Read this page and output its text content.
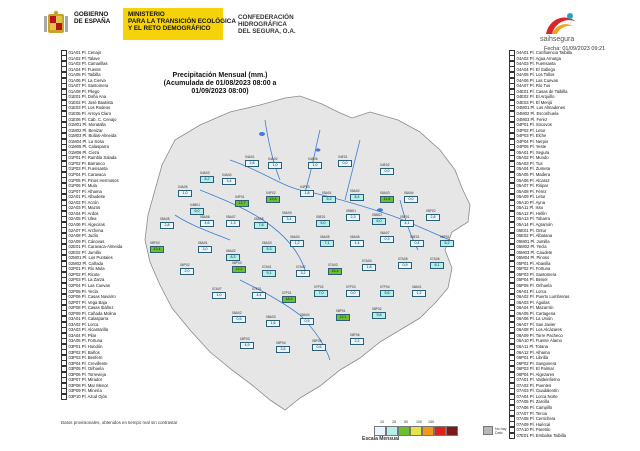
GOBIERNO
DE ESPAÑA
MINISTERIO
PARA LA TRANSICIÓN ECOLÓGICA
Y EL RETO DEMOGRÁFICO
CONFEDERACIÓN
HIDROGRÁFICA
DEL SEGURA, O.A.
saihsegura
Fecha: 01/09/2023 09:21
Precipitación Mensual (mm.)
(Acumulada de 01/08/2023 08:00 a
01/09/2023 08:00)
01A01 Pl. Cenajo
01A02 Pl. Talave
01A03 Pl. Camarillas
01A04 Pl. Fuente
01A05 Pl. Taibilla
01A06 Pl. La Cierva
01A07 Pl. Santomera
01A08 Pl. Pliego
01E01 Pl. Doña Ana
01E02 Pl. José Bautista
01E03 Pl. Los Rodeos
01E05 Pl. Arroyo Claro
01E06 Pl. Cab. C. Cenajo
01M01 Pl. Moratalla
01M02 Pl. Benizar
01M03 Pl. Bullas-Almeida
01M04 Pl. La Sosa
01M05 Pl. Calasparra
01M06 Pl. Cieza
01P01 Pl. Rambla Salada
01P02 Pl. Barranco
01P03 Pl. Fuensanta
01P04 Pl. Caravaca
01P05 Pl. Pinos Hermosos
01P06 Pl. Mula
01P07 Pl. Alhama
02A01 Pl. Albudeite
02A02 Pl. Acrón
02A03 Pl. Mazos
02A04 Pl. Ardos
02A05 Pl. Ulea
02A06 Pl. Algeciras
02A07 Pl. Archena
02A08 Pl. Judío
02A09 Pl. Cánovas
02E01 Pl. Caravaca-Almeida
02E02 Pl. Jumilla
02M01 Pl. Los Puntales
02M02 Pl. Cañada
02P01 Pl. Río Mula
02P02 Pl. Ricote
02P03 Pl. La Zarza
02P04 Pl. Las Cuevas
02P05 Pl. Yecla
02P06 Pl. Casas Navarro
02P07 Pl. Vega Baja
02P08 Pl. Casas Ibáñez
02P09 Pl. Cañada Molina
03A01 Pl. Calasparra
03A02 Pl. Lorca
03A03 Pl. Alcantarilla
03A04 Pl. Pilar
03A05 Pl. Fortuna
03P01 Pl. Hondón
03P02 Pl. Baños
03P03 Pl. Benferri
03P04 Pl. Crevillente
03P05 Pl. Orihuela
03P06 Pl. Torrevieja
03P07 Pl. Mirador
03P08 Pl. Mar Menor
03P09 Pl. Minería
03P10 Pl. Azud Ojós
04A01 Pl. Confluencia Taibilla
04A02 Pl. Agua Amarga
04A03 Pl. Fuensanta
04A04 Pl. El Gallego
04A05 Pl. Los Tollos
04A06 Pl. Las Cuevas
04A07 Pl. Río Tus
04E01 Pl. Casas de Taibilla
04E02 Pl. El Arquillo
04E03 Pl. El Menjú
04M01 Pl. Los Almadenes
04M02 Pl. Escorihuela
04M03 Pl. Ferez
04P01 Pl. Socovos
04P02 Pl. Letur
04P03 Pl. Elche
04P04 Pl. Nerpio
04P05 Pl. Yeste
05A01 Pl. Segura
05A02 Pl. Mundo
05A03 Pl. Tus
05A04 Pl. Zumeta
05A05 Pl. Madera
05A06 Pl. Alcaraz
05A07 Pl. Riópar
05A08 Pl. Férez
05A09 Pl. Letur
05A10 Pl. Ayna
05A11 Pl. Isso
05A12 Pl. Hellín
05A13 Pl. Tobarra
05A14 Pl. Agramón
05E01 Pl. Ontur
05E02 Pl. Albatana
05M01 Pl. Jumilla
05M02 Pl. Yecla
05M03 Pl. Caudete
05M04 Pl. Pinoso
05P01 Pl. Abanilla
05P02 Pl. Fortuna
05P03 Pl. Santomera
05P04 Pl. Beniel
05P05 Pl. Orihuela
06A01 Pl. Lorca
06A02 Pl. Puerto Lumbreras
06A03 Pl. Águilas
06A04 Pl. Mazarrón
06A05 Pl. Cartagena
06A06 Pl. La Unión
06A07 Pl. San Javier
06A08 Pl. Los Alcázares
06A09 Pl. Torre Pacheco
06A10 Pl. Fuente Álamo
06A11 Pl. Totana
06A12 Pl. Alhama
06P01 Pl. Librilla
06P02 Pl. Sangonera
06P03 Pl. El Palmar
06P04 Pl. Algezares
07A01 Pl. Valdeinfierno
07A02 Pl. Puentes
07A03 Pl. Guadalentín
07A04 Pl. Lorca Norte
07A05 Pl. Zarcilla
07A06 Pl. Campillo
07A07 Pl. Tercia
07A08 Pl. Cerrichera
07A09 Pl. Huércal
07A10 Pl. Paretón
07E01 Pl. Embalse Taibilla
04A01
2,8
04A02
1,0
04A03
8,2
04A04
3,4
04A05
1,0
04A06
1,0
04E01
0,0	04E02
0,0
04M01
6,0
04P01
13,7
04P02
19,8
04P03
1,8	05A01
5,2
05A02
8,4
05A03
11,8
05A04
0,0
05A05
2,8
05A06
4,6
05A07
1,3
05A08
7,8
05A09
3,4	05E01
5,0
05M01
2,3	05M02
6,0
05P01
4,1
05P02
2,8
05P03
13,4
06A01
3,0	06A02
8,3
06A03
5,3
06A04
1,2
06A05
7,1
06A06
1,4
06A07
0,3	06E01
0,4
06P01
5,2
06P02
2,0
06P03
12,2	07A01
9,1
07A02
3,2
07A03
15,4
07A04
1,8
07A05
0,9
07A06
6,1
07A07
1,0
07E01
4,4	07P01
18,2
07P02
7,0
07P03
0,0
07P04
5,6
08A01
1,2
08A02
0,5	08A03
1,6
08A04
0,5
08P01
12,1
08P02
9,8
08P03
4,9	08P04
3,5
08P05
0,6
08P06
2,2
Datos provisionales, obtenidos en tiempo real sin contrastar	10 25 50 100 150
Escala Mensual
No hay Dato
